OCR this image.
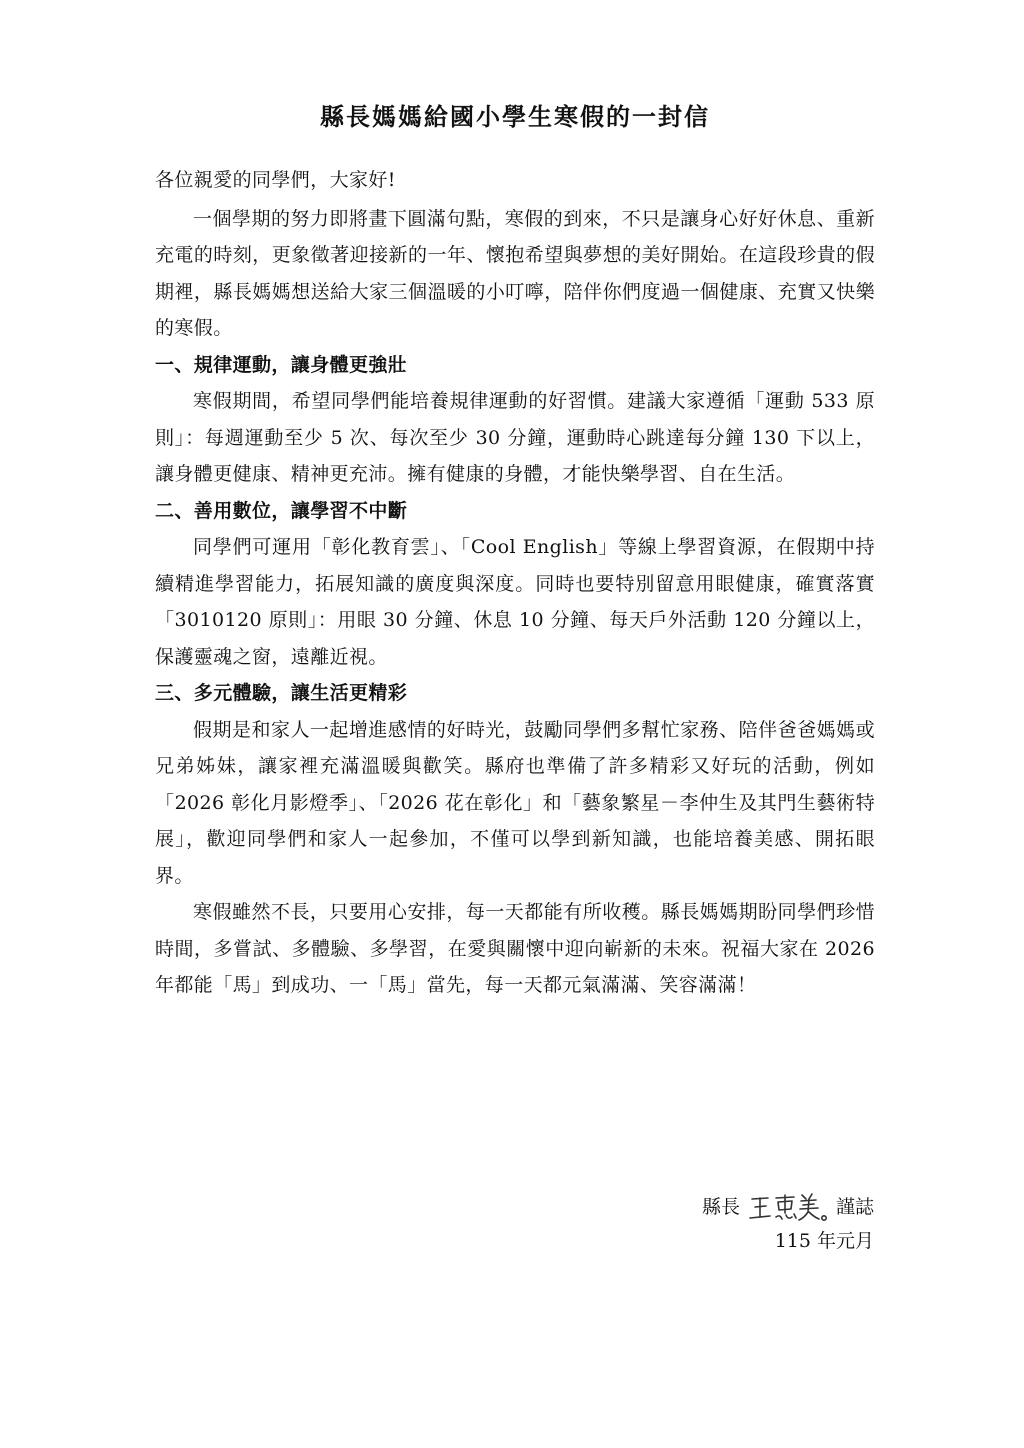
縣長媽媽給國小學生寒假的一封信

各位親愛的同學們，大家好!

一個學期的努力即將畫下圓滿句點，寒假的到來，不只是讓身心好好休息、重新充電的時刻，更象徵著迎接新的一年、懷抱希望與夢想的美好開始。在這段珍貴的假期裡，縣長媽媽想送給大家三個溫暖的小叮嚀，陪伴你們度過一個健康、充實又快樂的寒假。

一、規律運動，讓身體更強壯

寒假期間，希望同學們能培養規律運動的好習慣。建議大家遵循「運動 533 原則」：每週運動至少 5 次、每次至少 30 分鐘，運動時心跳達每分鐘 130 下以上，讓身體更健康、精神更充沛。擁有健康的身體，才能快樂學習、自在生活。

二、善用數位，讓學習不中斷

同學們可運用「彰化教育雲」、「Cool English」等線上學習資源，在假期中持續精進學習能力，拓展知識的廣度與深度。同時也要特別留意用眼健康，確實落實「3010120 原則」：用眼 30 分鐘、休息 10 分鐘、每天戶外活動 120 分鐘以上，保護靈魂之窗，遠離近視。

三、多元體驗，讓生活更精彩

假期是和家人一起增進感情的好時光，鼓勵同學們多幫忙家務、陪伴爸爸媽媽或兄弟姊妹，讓家裡充滿溫暖與歡笑。縣府也準備了許多精彩又好玩的活動，例如「2026 彰化月影燈季」、「2026 花在彰化」和「藝象繁星－李仲生及其門生藝術特展」，歡迎同學們和家人一起參加，不僅可以學到新知識，也能培養美感、開拓眼界。

寒假雖然不長，只要用心安排，每一天都能有所收穫。縣長媽媽期盼同學們珍惜時間，多嘗試、多體驗、多學習，在愛與關懷中迎向嶄新的未來。祝福大家在 2026 年都能「馬」到成功、一「馬」當先，每一天都元氣滿滿、笑容滿滿！

縣長	謹誌
115 年元月
